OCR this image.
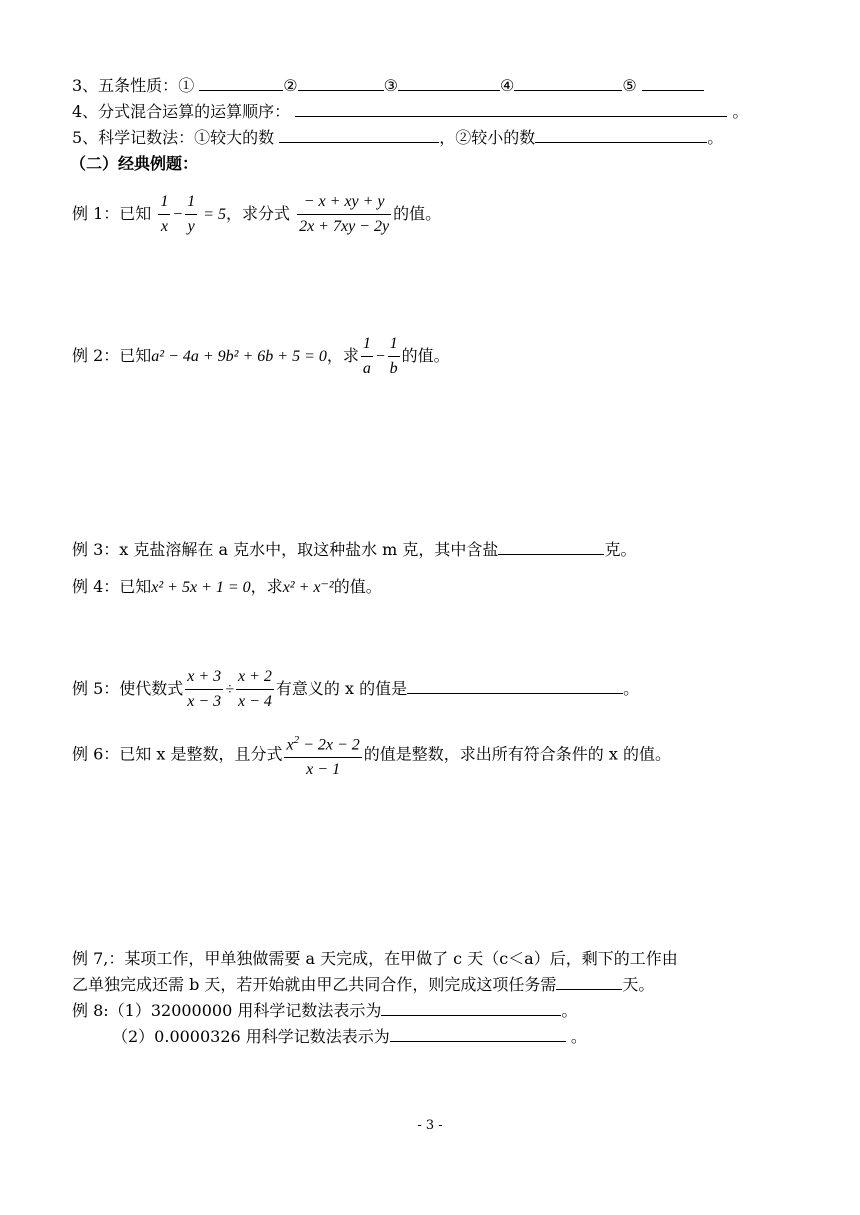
3、五条性质：①	②	③	④	⑤
4、分式混合运算的运算顺序：	。
5、科学记数法：①较大的数	，②较小的数	。
（二）经典例题：
例 1：已知 $\frac{1}{x} - \frac{1}{y} = 5$，求分式 $\frac{- x + xy + y}{2x + 7xy - 2y}$ 的值。
例 2：已知a² − 4a + 9b² + 6b + 5 = 0，求 $\frac{1}{a} - \frac{1}{b}$ 的值。
例 3：x 克盐溶解在 a 克水中，取这种盐水 m 克，其中含盐	克。
例 4：已知x² + 5x + 1 = 0，求x² + x⁻²的值。
例 5：使代数式 $\frac{x + 3}{x - 3} \div \frac{x + 2}{x - 4}$ 有意义的 x 的值是	。
例 6：已知 x 是整数，且分式 $\frac{x^2 - 2x - 2}{x - 1}$ 的值是整数，求出所有符合条件的 x 的值。
例 7,：某项工作，甲单独做需要 a 天完成，在甲做了 c 天（c＜a）后，剩下的工作由
乙单独完成还需 b 天，若开始就由甲乙共同合作，则完成这项任务需	天。
例 8:（1）32000000 用科学记数法表示为	。
（2）0.0000326 用科学记数法表示为	。
- 3 -
